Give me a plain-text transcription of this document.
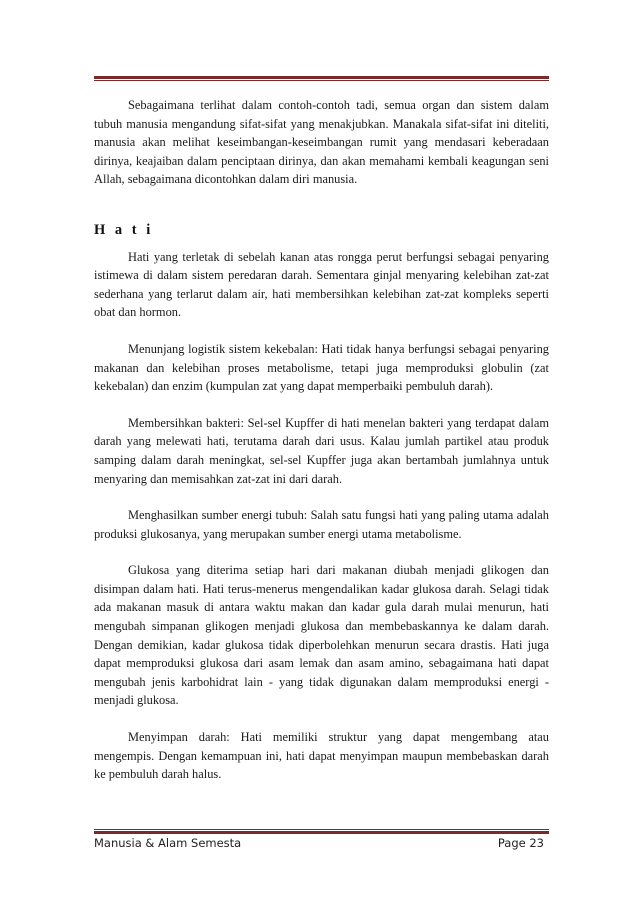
Sebagaimana terlihat dalam contoh-contoh tadi, semua organ dan sistem dalam tubuh manusia mengandung sifat-sifat yang menakjubkan. Manakala sifat-sifat ini diteliti, manusia akan melihat keseimbangan-keseimbangan rumit yang mendasari keberadaan dirinya, keajaiban dalam penciptaan dirinya, dan akan memahami kembali keagungan seni Allah, sebagaimana dicontohkan dalam diri manusia.

H a t i

Hati yang terletak di sebelah kanan atas rongga perut berfungsi sebagai penyaring istimewa di dalam sistem peredaran darah. Sementara ginjal menyaring kelebihan zat-zat sederhana yang terlarut dalam air, hati membersihkan kelebihan zat-zat kompleks seperti obat dan hormon.

Menunjang logistik sistem kekebalan: Hati tidak hanya berfungsi sebagai penyaring makanan dan kelebihan proses metabolisme, tetapi juga memproduksi globulin (zat kekebalan) dan enzim (kumpulan zat yang dapat memperbaiki pembuluh darah).

Membersihkan bakteri: Sel-sel Kupffer di hati menelan bakteri yang terdapat dalam darah yang melewati hati, terutama darah dari usus. Kalau jumlah partikel atau produk samping dalam darah meningkat, sel-sel Kupffer juga akan bertambah jumlahnya untuk menyaring dan memisahkan zat-zat ini dari darah.

Menghasilkan sumber energi tubuh: Salah satu fungsi hati yang paling utama adalah produksi glukosanya, yang merupakan sumber energi utama metabolisme.

Glukosa yang diterima setiap hari dari makanan diubah menjadi glikogen dan disimpan dalam hati. Hati terus-menerus mengendalikan kadar glukosa darah. Selagi tidak ada makanan masuk di antara waktu makan dan kadar gula darah mulai menurun, hati mengubah simpanan glikogen menjadi glukosa dan membebaskannya ke dalam darah. Dengan demikian, kadar glukosa tidak diperbolehkan menurun secara drastis. Hati juga dapat memproduksi glukosa dari asam lemak dan asam amino, sebagaimana hati dapat mengubah jenis karbohidrat lain - yang tidak digunakan dalam memproduksi energi - menjadi glukosa.

Menyimpan darah: Hati memiliki struktur yang dapat mengembang atau mengempis. Dengan kemampuan ini, hati dapat menyimpan maupun membebaskan darah ke pembuluh darah halus.

Manusia & Alam Semesta	Page 23
